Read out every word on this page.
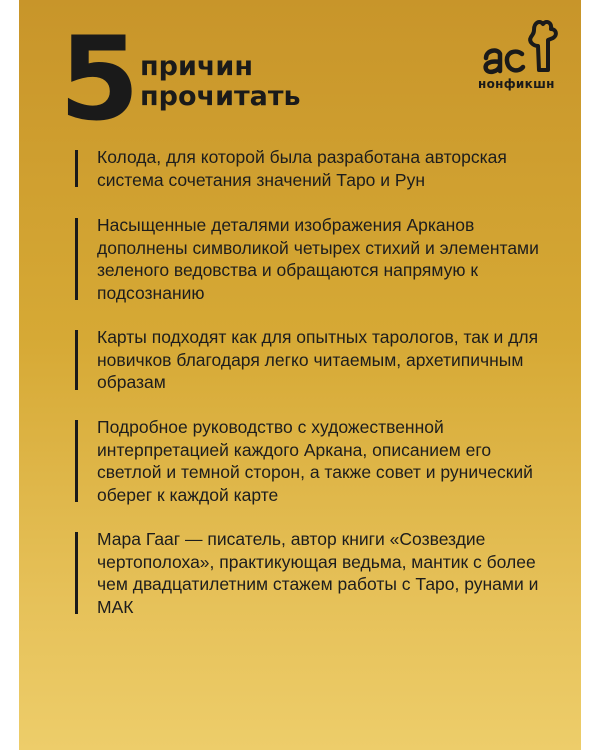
5 причин
прочитать
ас
нонфикшн
Колода, для которой была разработана авторская система сочетания значений Таро и Рун
Насыщенные деталями изображения Арканов дополнены символикой четырех стихий и элементами зеленого ведовства и обращаются напрямую к подсознанию
Карты подходят как для опытных тарологов, так и для новичков благодаря легко читаемым, архетипичным образам
Подробное руководство с художественной интерпретацией каждого Аркана, описанием его светлой и темной сторон, а также совет и рунический оберег к каждой карте
Мара Гааг — писатель, автор книги «Созвездие чертополоха», практикующая ведьма, мантик с более чем двадцатилетним стажем работы с Таро, рунами и МАК
